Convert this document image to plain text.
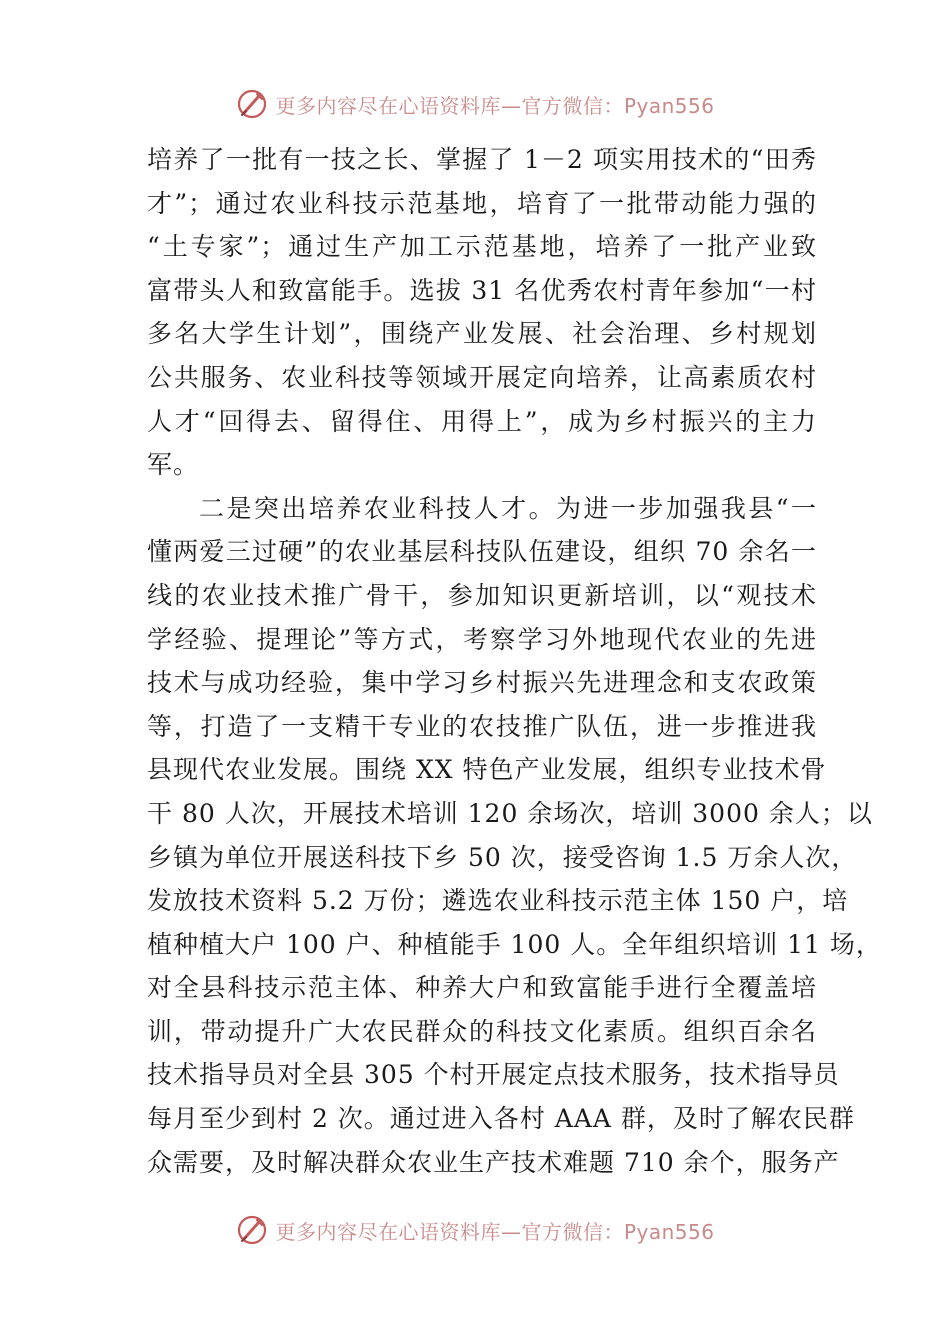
更多内容尽在心语资料库—官方微信：Pyan556
培养了一批有一技之长、掌握了 1－2 项实用技术的“田秀
才”；通过农业科技示范基地，培育了一批带动能力强的
“土专家”；通过生产加工示范基地，培养了一批产业致
富带头人和致富能手。选拔 31 名优秀农村青年参加“一村
多名大学生计划”，围绕产业发展、社会治理、乡村规划
公共服务、农业科技等领域开展定向培养，让高素质农村
人才“回得去、留得住、用得上”，成为乡村振兴的主力
军。
二是突出培养农业科技人才。为进一步加强我县“一
懂两爱三过硬”的农业基层科技队伍建设，组织 70 余名一
线的农业技术推广骨干，参加知识更新培训，以“观技术
学经验、提理论”等方式，考察学习外地现代农业的先进
技术与成功经验，集中学习乡村振兴先进理念和支农政策
等，打造了一支精干专业的农技推广队伍，进一步推进我
县现代农业发展。围绕 XX 特色产业发展，组织专业技术骨
干 80 人次，开展技术培训 120 余场次，培训 3000 余人；以
乡镇为单位开展送科技下乡 50 次，接受咨询 1.5 万余人次，
发放技术资料 5.2 万份；遴选农业科技示范主体 150 户，培
植种植大户 100 户、种植能手 100 人。全年组织培训 11 场，
对全县科技示范主体、种养大户和致富能手进行全覆盖培
训，带动提升广大农民群众的科技文化素质。组织百余名
技术指导员对全县 305 个村开展定点技术服务，技术指导员
每月至少到村 2 次。通过进入各村 AAA 群，及时了解农民群
众需要，及时解决群众农业生产技术难题 710 余个，服务产
更多内容尽在心语资料库—官方微信：Pyan556
